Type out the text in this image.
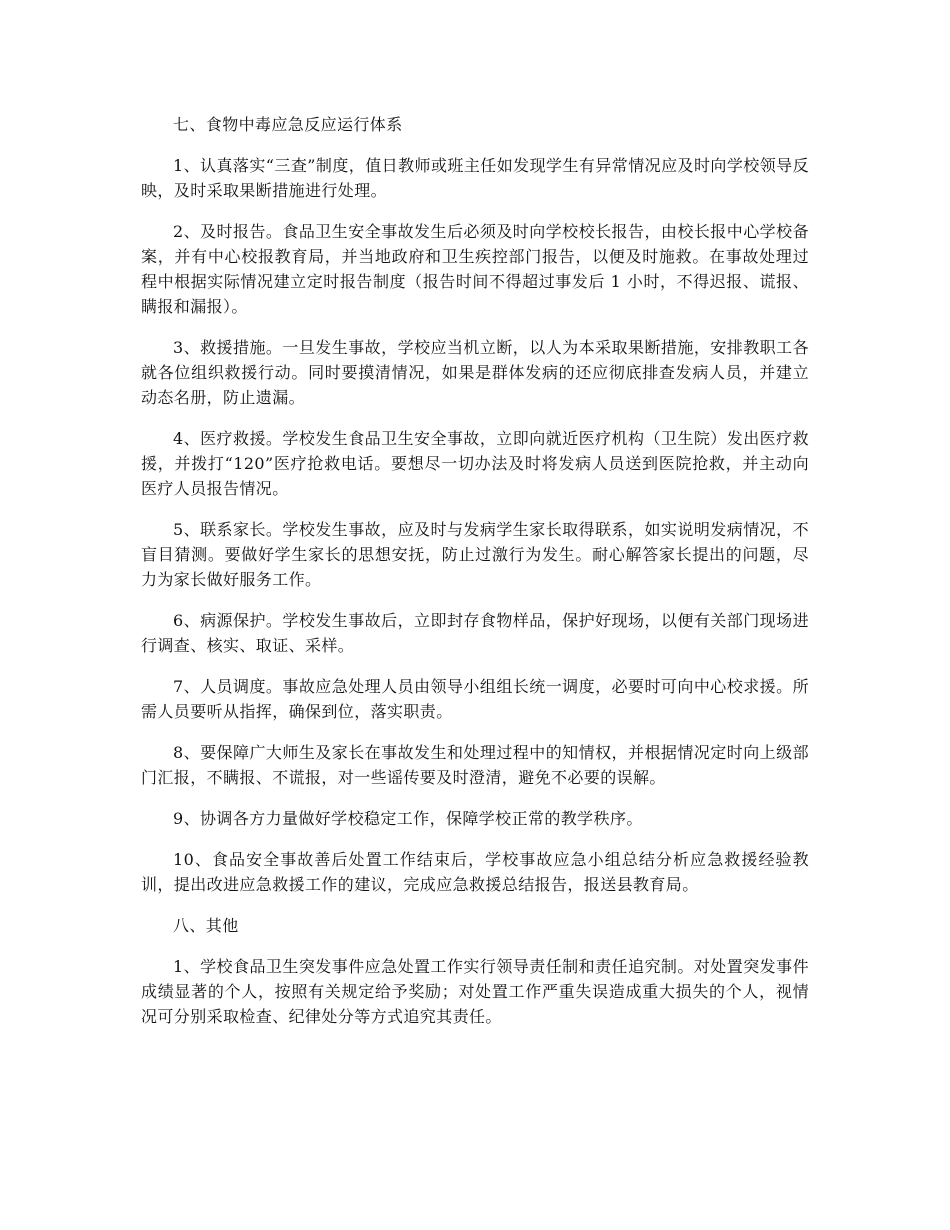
七、食物中毒应急反应运行体系

1、认真落实“三查”制度，值日教师或班主任如发现学生有异常情况应及时向学校领导反映，及时采取果断措施进行处理。

2、及时报告。食品卫生安全事故发生后必须及时向学校校长报告，由校长报中心学校备案，并有中心校报教育局，并当地政府和卫生疾控部门报告，以便及时施救。在事故处理过程中根据实际情况建立定时报告制度（报告时间不得超过事发后 1 小时，不得迟报、谎报、瞒报和漏报）。

3、救援措施。一旦发生事故，学校应当机立断，以人为本采取果断措施，安排教职工各就各位组织救援行动。同时要摸清情况，如果是群体发病的还应彻底排查发病人员，并建立动态名册，防止遗漏。

4、医疗救援。学校发生食品卫生安全事故，立即向就近医疗机构（卫生院）发出医疗救援，并拨打“120”医疗抢救电话。要想尽一切办法及时将发病人员送到医院抢救，并主动向医疗人员报告情况。

5、联系家长。学校发生事故，应及时与发病学生家长取得联系，如实说明发病情况，不盲目猜测。要做好学生家长的思想安抚，防止过激行为发生。耐心解答家长提出的问题，尽力为家长做好服务工作。

6、病源保护。学校发生事故后，立即封存食物样品，保护好现场，以便有关部门现场进行调查、核实、取证、采样。

7、人员调度。事故应急处理人员由领导小组组长统一调度，必要时可向中心校求援。所需人员要听从指挥，确保到位，落实职责。

8、要保障广大师生及家长在事故发生和处理过程中的知情权，并根据情况定时向上级部门汇报，不瞒报、不谎报，对一些谣传要及时澄清，避免不必要的误解。

9、协调各方力量做好学校稳定工作，保障学校正常的教学秩序。

10、食品安全事故善后处置工作结束后，学校事故应急小组总结分析应急救援经验教训，提出改进应急救援工作的建议，完成应急救援总结报告，报送县教育局。

八、其他

1、学校食品卫生突发事件应急处置工作实行领导责任制和责任追究制。对处置突发事件成绩显著的个人，按照有关规定给予奖励；对处置工作严重失误造成重大损失的个人，视情况可分别采取检查、纪律处分等方式追究其责任。
